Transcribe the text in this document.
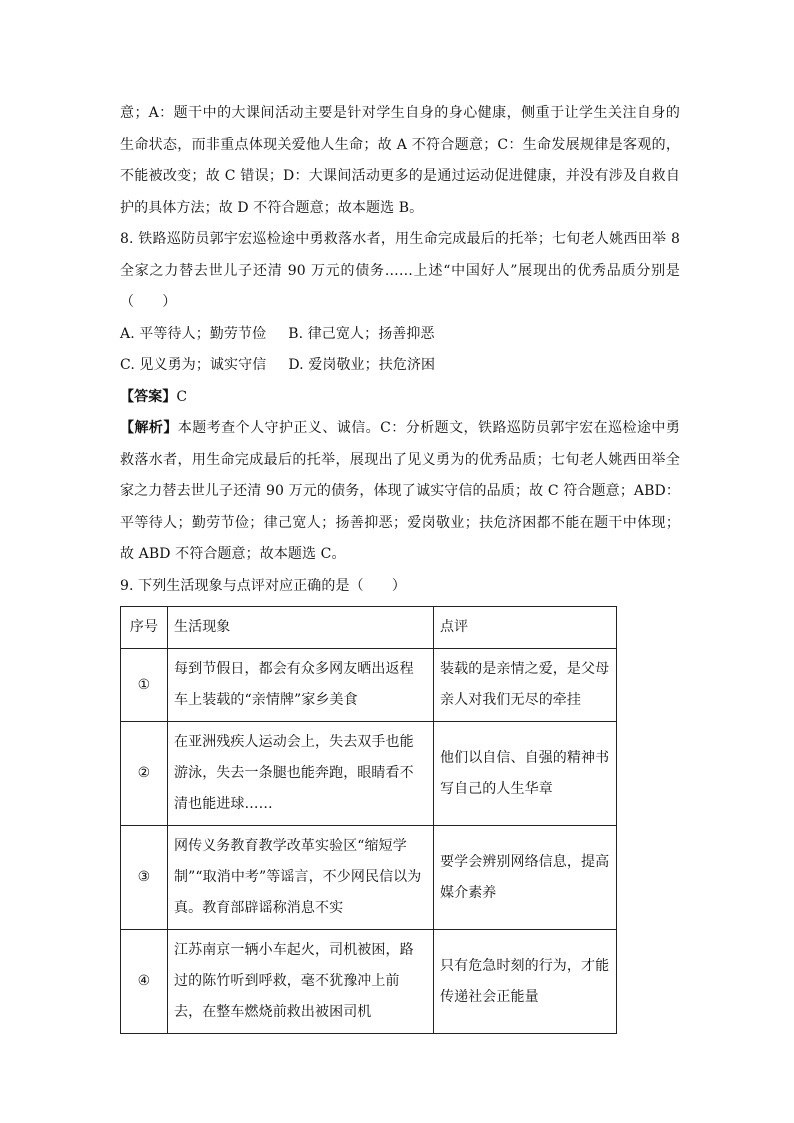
意；A：题干中的大课间活动主要是针对学生自身的身心健康，侧重于让学生关注自身的生命状态，而非重点体现关爱他人生命；故 A 不符合题意；C：生命发展规律是客观的，不能被改变；故 C 错误；D：大课间活动更多的是通过运动促进健康，并没有涉及自救自护的具体方法；故 D 不符合题意；故本题选 B。

8. 铁路巡防员郭宇宏巡检途中勇救落水者，用生命完成最后的托举；七旬老人姚西田举 8 全家之力替去世儿子还清 90 万元的债务……上述“中国好人”展现出的优秀品质分别是（　　）

A. 平等待人；勤劳节俭 B. 律己宽人；扬善抑恶
C. 见义勇为；诚实守信 D. 爱岗敬业；扶危济困

【答案】C

【解析】本题考查个人守护正义、诚信。C：分析题文，铁路巡防员郭宇宏在巡检途中勇救落水者，用生命完成最后的托举，展现出了见义勇为的优秀品质；七旬老人姚西田举全家之力替去世儿子还清 90 万元的债务，体现了诚实守信的品质；故 C 符合题意；ABD：平等待人；勤劳节俭；律己宽人；扬善抑恶；爱岗敬业；扶危济困都不能在题干中体现；故 ABD 不符合题意；故本题选 C。

9. 下列生活现象与点评对应正确的是（　　）

序号	生活现象	点评
①	每到节假日，都会有众多网友晒出返程车上装载的“亲情牌”家乡美食	装载的是亲情之爱，是父母亲人对我们无尽的牵挂
②	在亚洲残疾人运动会上，失去双手也能游泳，失去一条腿也能奔跑，眼睛看不清也能进球……	他们以自信、自强的精神书写自己的人生华章
③	网传义务教育教学改革实验区“缩短学制”“取消中考”等谣言，不少网民信以为真。教育部辟谣称消息不实	要学会辨别网络信息，提高媒介素养
④	江苏南京一辆小车起火，司机被困，路过的陈竹听到呼救，毫不犹豫冲上前去，在整车燃烧前救出被困司机	只有危急时刻的行为，才能传递社会正能量
